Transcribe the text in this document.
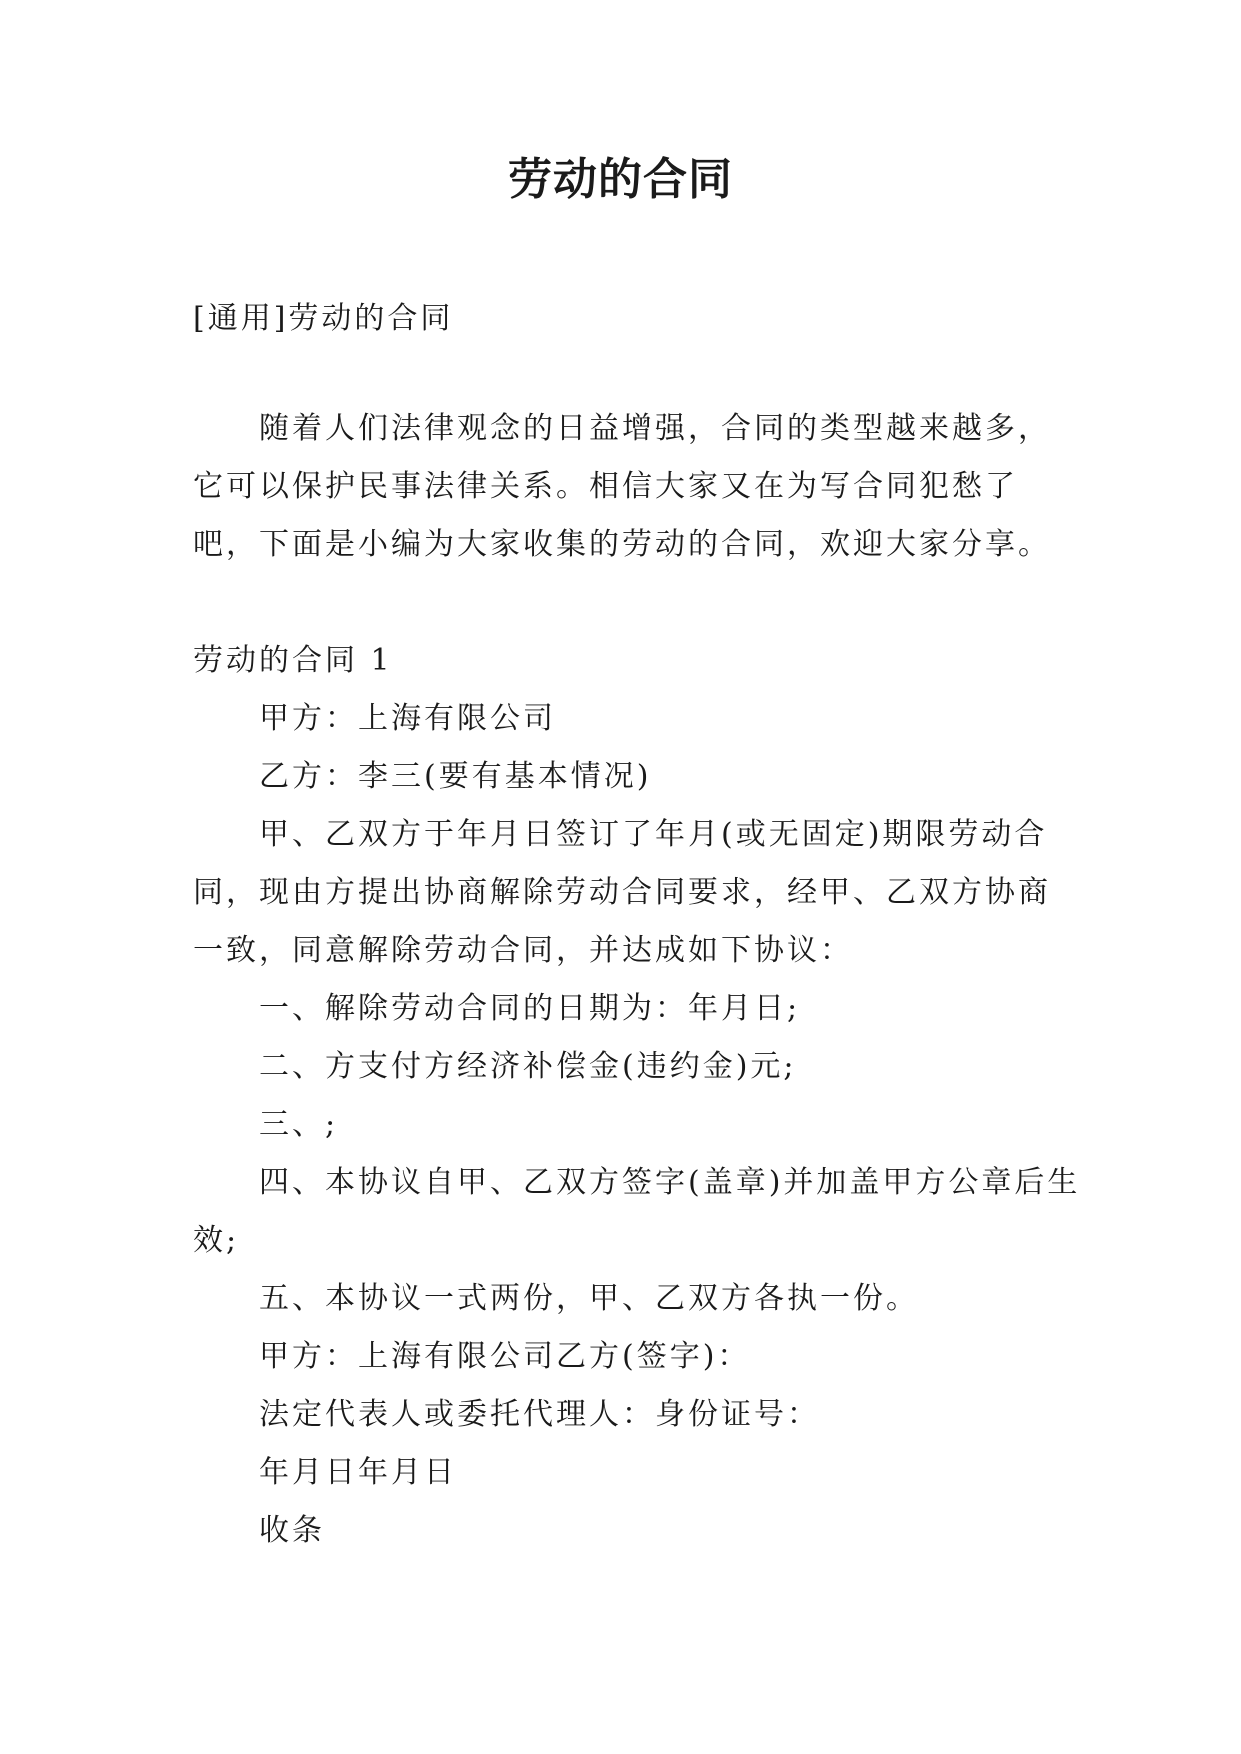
劳动的合同

[通用]劳动的合同

随着人们法律观念的日益增强，合同的类型越来越多，它可以保护民事法律关系。相信大家又在为写合同犯愁了吧，下面是小编为大家收集的劳动的合同，欢迎大家分享。

劳动的合同 1

甲方：上海有限公司

乙方：李三(要有基本情况)

甲、乙双方于年月日签订了年月(或无固定)期限劳动合同，现由方提出协商解除劳动合同要求，经甲、乙双方协商一致，同意解除劳动合同，并达成如下协议：

一、解除劳动合同的日期为：年月日;

二、方支付方经济补偿金(违约金)元;

三、;

四、本协议自甲、乙双方签字(盖章)并加盖甲方公章后生效;

五、本协议一式两份，甲、乙双方各执一份。

甲方：上海有限公司乙方(签字)：

法定代表人或委托代理人：身份证号：

年月日年月日

收条
